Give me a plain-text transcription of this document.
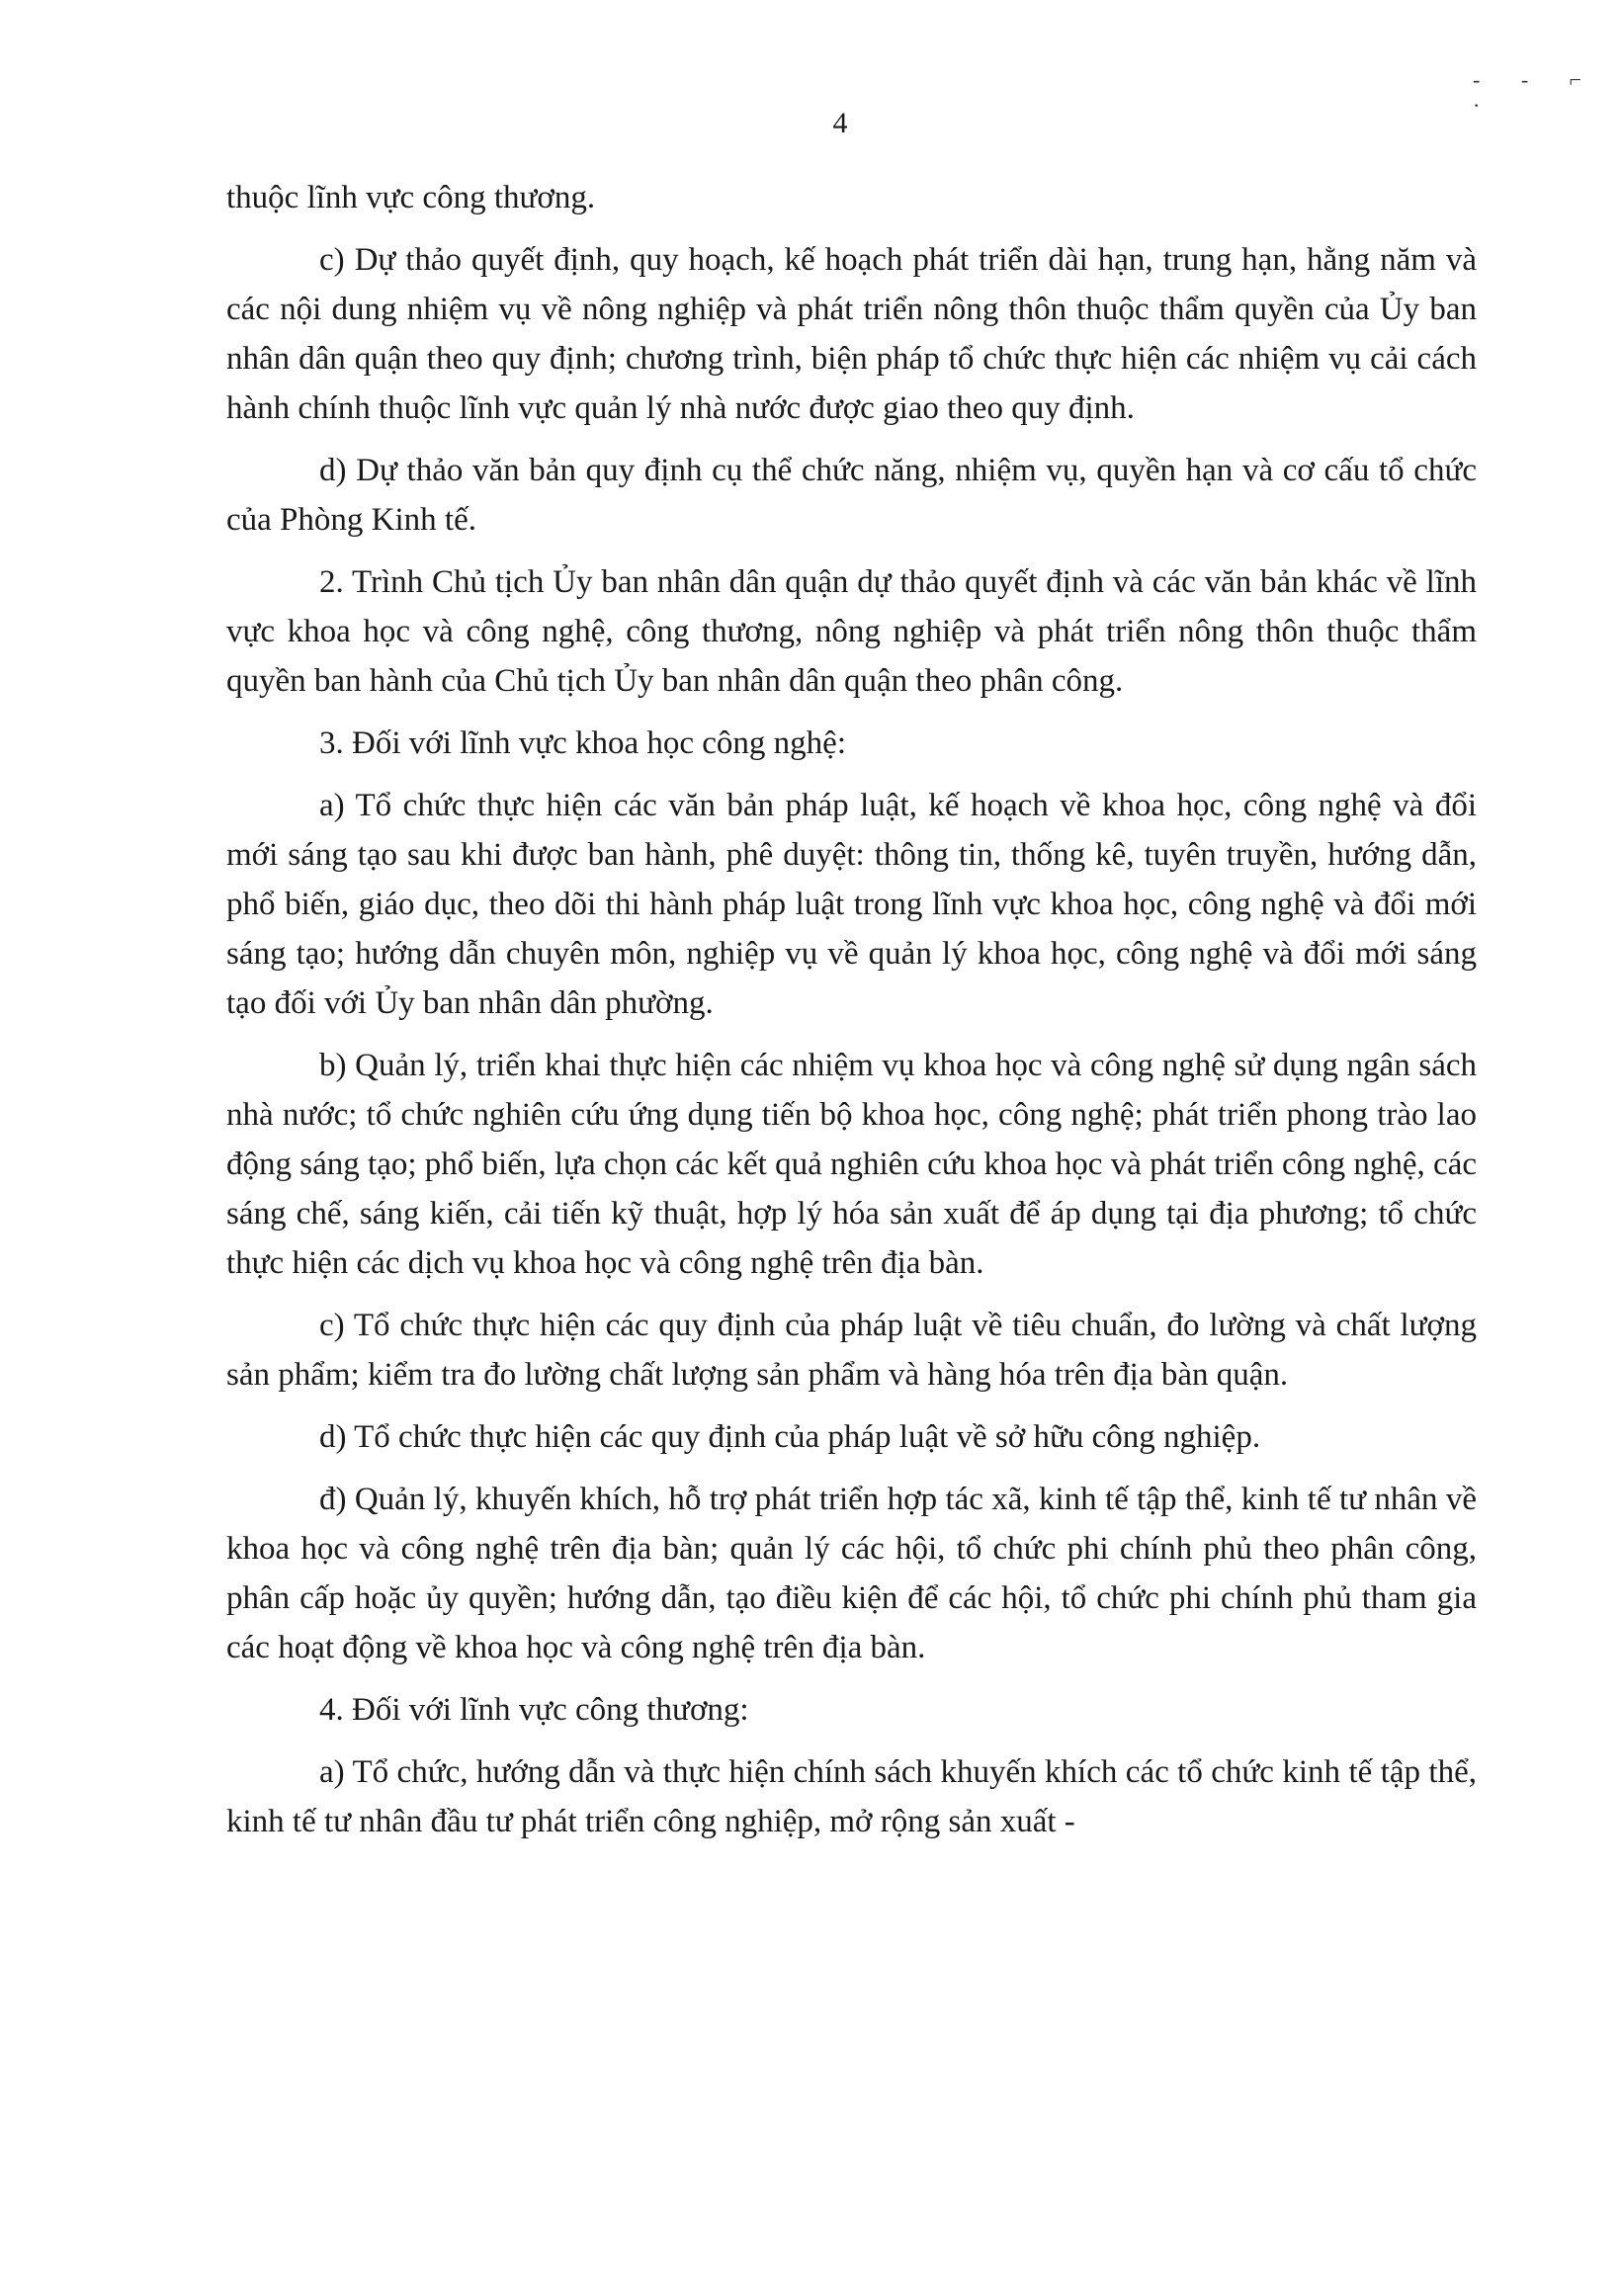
4
- - ⌐ ·

thuộc lĩnh vực công thương.

c) Dự thảo quyết định, quy hoạch, kế hoạch phát triển dài hạn, trung hạn, hằng năm và các nội dung nhiệm vụ về nông nghiệp và phát triển nông thôn thuộc thẩm quyền của Ủy ban nhân dân quận theo quy định; chương trình, biện pháp tổ chức thực hiện các nhiệm vụ cải cách hành chính thuộc lĩnh vực quản lý nhà nước được giao theo quy định.

d) Dự thảo văn bản quy định cụ thể chức năng, nhiệm vụ, quyền hạn và cơ cấu tổ chức của Phòng Kinh tế.

2. Trình Chủ tịch Ủy ban nhân dân quận dự thảo quyết định và các văn bản khác về lĩnh vực khoa học và công nghệ, công thương, nông nghiệp và phát triển nông thôn thuộc thẩm quyền ban hành của Chủ tịch Ủy ban nhân dân quận theo phân công.

3. Đối với lĩnh vực khoa học công nghệ:

a) Tổ chức thực hiện các văn bản pháp luật, kế hoạch về khoa học, công nghệ và đổi mới sáng tạo sau khi được ban hành, phê duyệt: thông tin, thống kê, tuyên truyền, hướng dẫn, phổ biến, giáo dục, theo dõi thi hành pháp luật trong lĩnh vực khoa học, công nghệ và đổi mới sáng tạo; hướng dẫn chuyên môn, nghiệp vụ về quản lý khoa học, công nghệ và đổi mới sáng tạo đối với Ủy ban nhân dân phường.

b) Quản lý, triển khai thực hiện các nhiệm vụ khoa học và công nghệ sử dụng ngân sách nhà nước; tổ chức nghiên cứu ứng dụng tiến bộ khoa học, công nghệ; phát triển phong trào lao động sáng tạo; phổ biến, lựa chọn các kết quả nghiên cứu khoa học và phát triển công nghệ, các sáng chế, sáng kiến, cải tiến kỹ thuật, hợp lý hóa sản xuất để áp dụng tại địa phương; tổ chức thực hiện các dịch vụ khoa học và công nghệ trên địa bàn.

c) Tổ chức thực hiện các quy định của pháp luật về tiêu chuẩn, đo lường và chất lượng sản phẩm; kiểm tra đo lường chất lượng sản phẩm và hàng hóa trên địa bàn quận.

d) Tổ chức thực hiện các quy định của pháp luật về sở hữu công nghiệp.

đ) Quản lý, khuyến khích, hỗ trợ phát triển hợp tác xã, kinh tế tập thể, kinh tế tư nhân về khoa học và công nghệ trên địa bàn; quản lý các hội, tổ chức phi chính phủ theo phân công, phân cấp hoặc ủy quyền; hướng dẫn, tạo điều kiện để các hội, tổ chức phi chính phủ tham gia các hoạt động về khoa học và công nghệ trên địa bàn.

4. Đối với lĩnh vực công thương:

a) Tổ chức, hướng dẫn và thực hiện chính sách khuyến khích các tổ chức kinh tế tập thể, kinh tế tư nhân đầu tư phát triển công nghiệp, mở rộng sản xuất -
